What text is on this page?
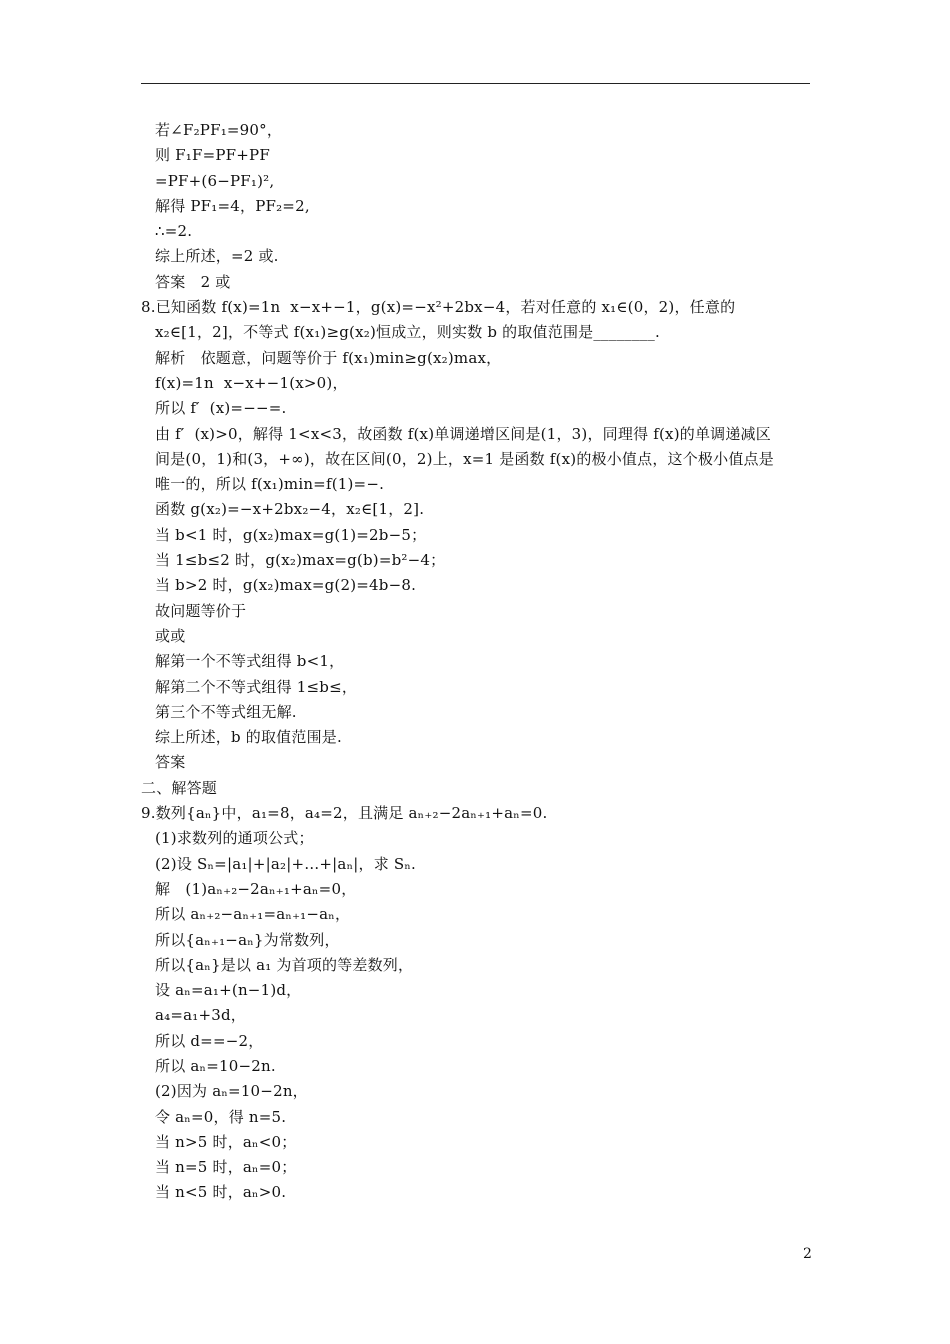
若∠F₂PF₁=90°，
则 F₁F=PF+PF
=PF+(6−PF₁)²,
解得 PF₁=4，PF₂=2,
∴=2.
综上所述，=2 或.
答案　2 或
8.已知函数 f(x)=1n  x−x+−1，g(x)=−x²+2bx−4，若对任意的 x₁∈(0，2)，任意的
x₂∈[1，2]，不等式 f(x₁)≥g(x₂)恒成立，则实数 b 的取值范围是________.
解析　依题意，问题等价于 f(x₁)min≥g(x₂)max，
f(x)=1n  x−x+−1(x>0)，
所以 f′  (x)=−−=.
由 f′  (x)>0，解得 1<x<3，故函数 f(x)单调递增区间是(1，3)，同理得 f(x)的单调递减区
间是(0，1)和(3，+∞)，故在区间(0，2)上，x=1 是函数 f(x)的极小值点，这个极小值点是
唯一的，所以 f(x₁)min=f(1)=−.
函数 g(x₂)=−x+2bx₂−4，x₂∈[1，2].
当 b<1 时，g(x₂)max=g(1)=2b−5；
当 1≤b≤2 时，g(x₂)max=g(b)=b²−4；
当 b>2 时，g(x₂)max=g(2)=4b−8.
故问题等价于
或或
解第一个不等式组得 b<1，
解第二个不等式组得 1≤b≤，
第三个不等式组无解.
综上所述，b 的取值范围是.
答案
二、解答题
9.数列{aₙ}中，a₁=8，a₄=2，且满足 aₙ₊₂−2aₙ₊₁+aₙ=0.
(1)求数列的通项公式；
(2)设 Sₙ=|a₁|+|a₂|+…+|aₙ|，求 Sₙ.
解　(1)aₙ₊₂−2aₙ₊₁+aₙ=0，
所以 aₙ₊₂−aₙ₊₁=aₙ₊₁−aₙ，
所以{aₙ₊₁−aₙ}为常数列，
所以{aₙ}是以 a₁ 为首项的等差数列，
设 aₙ=a₁+(n−1)d，
a₄=a₁+3d，
所以 d==−2，
所以 aₙ=10−2n.
(2)因为 aₙ=10−2n，
令 aₙ=0，得 n=5.
当 n>5 时，aₙ<0；
当 n=5 时，aₙ=0；
当 n<5 时，aₙ>0.
2
